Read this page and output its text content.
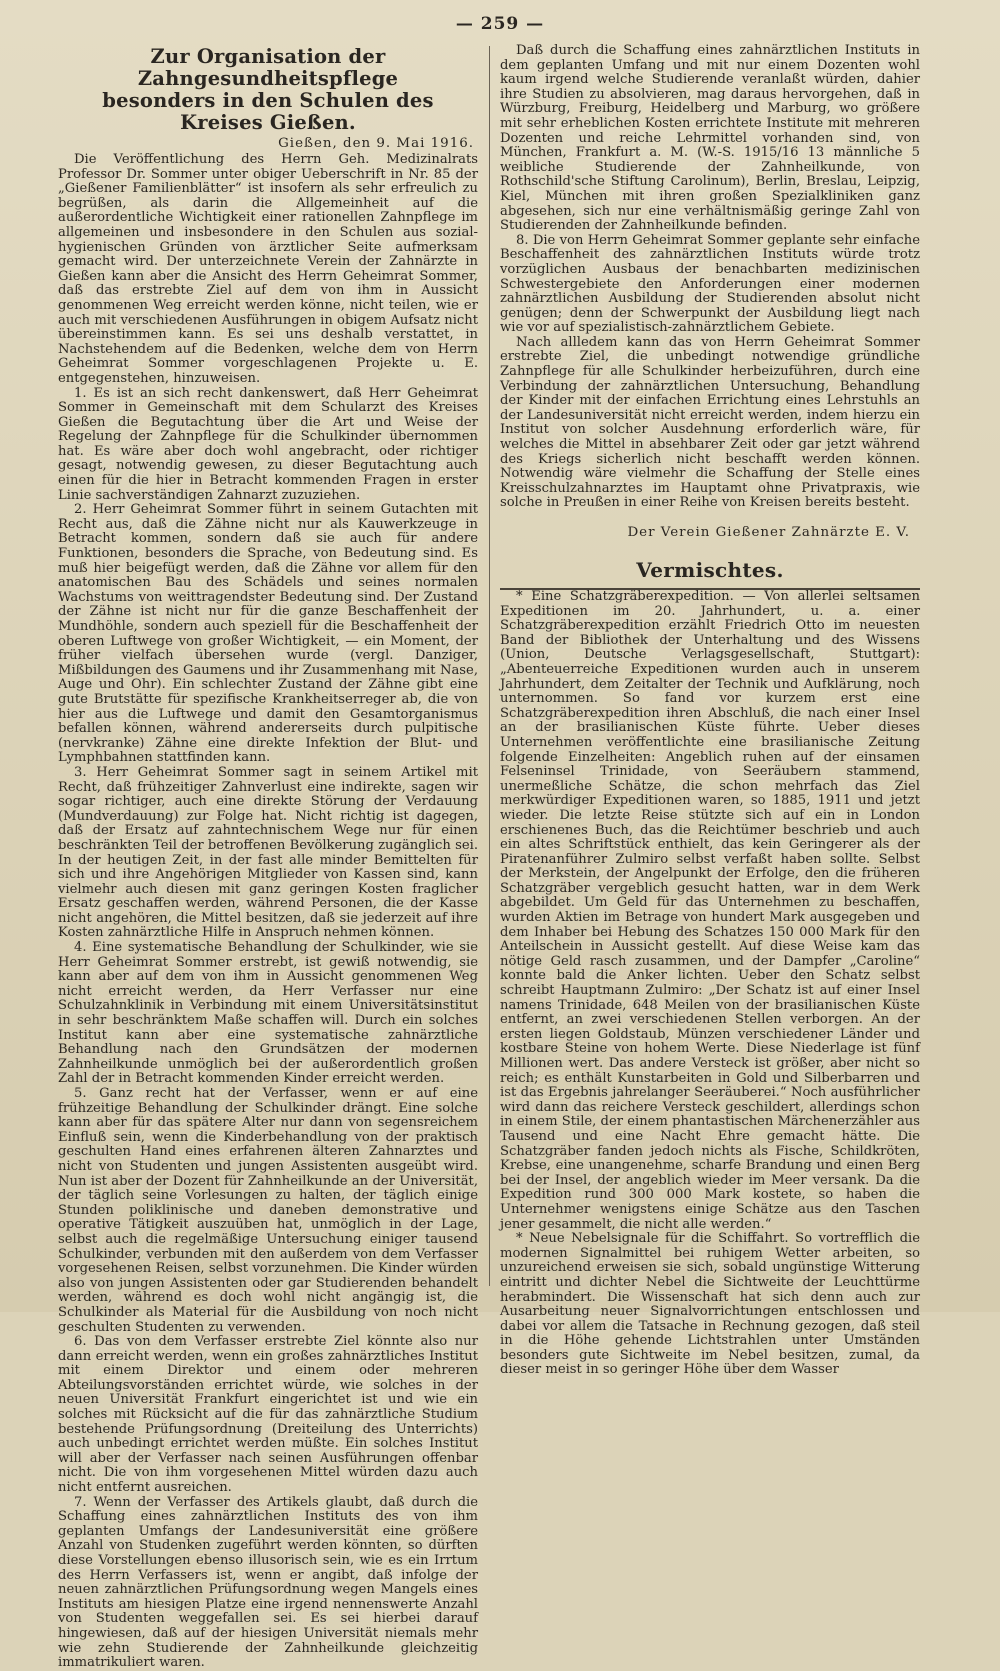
— 259 —
Zur Organisation der Zahngesundheitspflege
besonders in den Schulen des Kreises Gießen.
Gießen, den 9. Mai 1916.

Die Veröffentlichung des Herrn Geh. Medizinalrats Professor Dr. Sommer unter obiger Ueberschrift in Nr. 85 der „Gießener Familienblätter“ ist insofern als sehr erfreulich zu begrüßen, als darin die Allgemeinheit auf die außerordentliche Wichtigkeit einer rationellen Zahnpflege im allgemeinen und insbesondere in den Schulen aus sozial-hygienischen Gründen von ärztlicher Seite aufmerksam gemacht wird. Der unterzeichnete Verein der Zahnärzte in Gießen kann aber die Ansicht des Herrn Geheimrat Sommer, daß das erstrebte Ziel auf dem von ihm in Aussicht genommenen Weg erreicht werden könne, nicht teilen, wie er auch mit verschiedenen Ausführungen in obigem Aufsatz nicht übereinstimmen kann. Es sei uns deshalb verstattet, in Nachstehendem auf die Bedenken, welche dem von Herrn Geheimrat Sommer vorgeschlagenen Projekte u. E. entgegenstehen, hinzuweisen.

1. Es ist an sich recht dankenswert, daß Herr Geheimrat Sommer in Gemeinschaft mit dem Schularzt des Kreises Gießen die Begutachtung über die Art und Weise der Regelung der Zahnpflege für die Schulkinder übernommen hat. Es wäre aber doch wohl angebracht, oder richtiger gesagt, notwendig gewesen, zu dieser Begutachtung auch einen für die hier in Betracht kommenden Fragen in erster Linie sachverständigen Zahnarzt zuzuziehen.

2. Herr Geheimrat Sommer führt in seinem Gutachten mit Recht aus, daß die Zähne nicht nur als Kauwerkzeuge in Betracht kommen, sondern daß sie auch für andere Funktionen, besonders die Sprache, von Bedeutung sind. Es muß hier beigefügt werden, daß die Zähne vor allem für den anatomischen Bau des Schädels und seines normalen Wachstums von weittragendster Bedeutung sind. Der Zustand der Zähne ist nicht nur für die ganze Beschaffenheit der Mundhöhle, sondern auch speziell für die Beschaffenheit der oberen Luftwege von großer Wichtigkeit, — ein Moment, der früher vielfach übersehen wurde (vergl. Danziger, Mißbildungen des Gaumens und ihr Zusammenhang mit Nase, Auge und Ohr). Ein schlechter Zustand der Zähne gibt eine gute Brutstätte für spezifische Krankheitserreger ab, die von hier aus die Luftwege und damit den Gesamtorganismus befallen können, während andererseits durch pulpitische (nervkranke) Zähne eine direkte Infektion der Blut- und Lymphbahnen stattfinden kann.

3. Herr Geheimrat Sommer sagt in seinem Artikel mit Recht, daß frühzeitiger Zahnverlust eine indirekte, sagen wir sogar richtiger, auch eine direkte Störung der Verdauung (Mundverdauung) zur Folge hat. Nicht richtig ist dagegen, daß der Ersatz auf zahntechnischem Wege nur für einen beschränkten Teil der betroffenen Bevölkerung zugänglich sei. In der heutigen Zeit, in der fast alle minder Bemittelten für sich und ihre Angehörigen Mitglieder von Kassen sind, kann vielmehr auch diesen mit ganz geringen Kosten fraglicher Ersatz geschaffen werden, während Personen, die der Kasse nicht angehören, die Mittel besitzen, daß sie jederzeit auf ihre Kosten zahnärztliche Hilfe in Anspruch nehmen können.

4. Eine systematische Behandlung der Schulkinder, wie sie Herr Geheimrat Sommer erstrebt, ist gewiß notwendig, sie kann aber auf dem von ihm in Aussicht genommenen Weg nicht erreicht werden, da Herr Verfasser nur eine Schulzahnklinik in Verbindung mit einem Universitätsinstitut in sehr beschränktem Maße schaffen will. Durch ein solches Institut kann aber eine systematische zahnärztliche Behandlung nach den Grundsätzen der modernen Zahnheilkunde unmöglich bei der außerordentlich großen Zahl der in Betracht kommenden Kinder erreicht werden.

5. Ganz recht hat der Verfasser, wenn er auf eine frühzeitige Behandlung der Schulkinder drängt. Eine solche kann aber für das spätere Alter nur dann von segensreichem Einfluß sein, wenn die Kinderbehandlung von der praktisch geschulten Hand eines erfahrenen älteren Zahnarztes und nicht von Studenten und jungen Assistenten ausgeübt wird. Nun ist aber der Dozent für Zahnheilkunde an der Universität, der täglich seine Vorlesungen zu halten, der täglich einige Stunden poliklinische und daneben demonstrative und operative Tätigkeit auszuüben hat, unmöglich in der Lage, selbst auch die regelmäßige Untersuchung einiger tausend Schulkinder, verbunden mit den außerdem von dem Verfasser vorgesehenen Reisen, selbst vorzunehmen. Die Kinder würden also von jungen Assistenten oder gar Studierenden behandelt werden, während es doch wohl nicht angängig ist, die Schulkinder als Material für die Ausbildung von noch nicht geschulten Studenten zu verwenden.

6. Das von dem Verfasser erstrebte Ziel könnte also nur dann erreicht werden, wenn ein großes zahnärztliches Institut mit einem Direktor und einem oder mehreren Abteilungsvorständen errichtet würde, wie solches in der neuen Universität Frankfurt eingerichtet ist und wie ein solches mit Rücksicht auf die für das zahnärztliche Studium bestehende Prüfungsordnung (Dreiteilung des Unterrichts) auch unbedingt errichtet werden müßte. Ein solches Institut will aber der Verfasser nach seinen Ausführungen offenbar nicht. Die von ihm vorgesehenen Mittel würden dazu auch nicht entfernt ausreichen.

7. Wenn der Verfasser des Artikels glaubt, daß durch die Schaffung eines zahnärztlichen Instituts des von ihm geplanten Umfangs der Landesuniversität eine größere Anzahl von Studenken zugeführt werden könnten, so dürften diese Vorstellungen ebenso illusorisch sein, wie es ein Irrtum des Herrn Verfassers ist, wenn er angibt, daß infolge der neuen zahnärztlichen Prüfungsordnung wegen Mangels eines Instituts am hiesigen Platze eine irgend nennenswerte Anzahl von Studenten weggefallen sei. Es sei hierbei darauf hingewiesen, daß auf der hiesigen Universität niemals mehr wie zehn Studierende der Zahnheilkunde gleichzeitig immatrikuliert waren.

Daß durch die Schaffung eines zahnärztlichen Instituts in dem geplanten Umfang und mit nur einem Dozenten wohl kaum irgend welche Studierende veranlaßt würden, dahier ihre Studien zu absolvieren, mag daraus hervorgehen, daß in Würzburg, Freiburg, Heidelberg und Marburg, wo größere mit sehr erheblichen Kosten errichtete Institute mit mehreren Dozenten und reiche Lehrmittel vorhanden sind, von München, Frankfurt a. M. (W.-S. 1915/16 13 männliche 5 weibliche Studierende der Zahnheilkunde, von Rothschild'sche Stiftung Carolinum), Berlin, Breslau, Leipzig, Kiel, München mit ihren großen Spezialkliniken ganz abgesehen, sich nur eine verhältnismäßig geringe Zahl von Studierenden der Zahnheilkunde befinden.

8. Die von Herrn Geheimrat Sommer geplante sehr einfache Beschaffenheit des zahnärztlichen Instituts würde trotz vorzüglichen Ausbaus der benachbarten medizinischen Schwestergebiete den Anforderungen einer modernen zahnärztlichen Ausbildung der Studierenden absolut nicht genügen; denn der Schwerpunkt der Ausbildung liegt nach wie vor auf spezialistisch-zahnärztlichem Gebiete.

Nach allledem kann das von Herrn Geheimrat Sommer erstrebte Ziel, die unbedingt notwendige gründliche Zahnpflege für alle Schulkinder herbeizuführen, durch eine Verbindung der zahnärztlichen Untersuchung, Behandlung der Kinder mit der einfachen Errichtung eines Lehrstuhls an der Landesuniversität nicht erreicht werden, indem hierzu ein Institut von solcher Ausdehnung erforderlich wäre, für welches die Mittel in absehbarer Zeit oder gar jetzt während des Kriegs sicherlich nicht beschafft werden können. Notwendig wäre vielmehr die Schaffung der Stelle eines Kreisschulzahnarztes im Hauptamt ohne Privatpraxis, wie solche in Preußen in einer Reihe von Kreisen bereits besteht.

Der Verein Gießener Zahnärzte E. V.
Vermischtes.

* Eine Schatzgräberexpedition. — Von allerlei seltsamen Expeditionen im 20. Jahrhundert, u. a. einer Schatzgräberexpedition erzählt Friedrich Otto im neuesten Band der Bibliothek der Unterhaltung und des Wissens (Union, Deutsche Verlagsgesellschaft, Stuttgart): „Abenteuerreiche Expeditionen wurden auch in unserem Jahrhundert, dem Zeitalter der Technik und Aufklärung, noch unternommen. So fand vor kurzem erst eine Schatzgräberexpedition ihren Abschluß, die nach einer Insel an der brasilianischen Küste führte. Ueber dieses Unternehmen veröffentlichte eine brasilianische Zeitung folgende Einzelheiten: Angeblich ruhen auf der einsamen Felseninsel Trinidade, von Seeräubern stammend, unermeßliche Schätze, die schon mehrfach das Ziel merkwürdiger Expeditionen waren, so 1885, 1911 und jetzt wieder. Die letzte Reise stützte sich auf ein in London erschienenes Buch, das die Reichtümer beschrieb und auch ein altes Schriftstück enthielt, das kein Geringerer als der Piratenanführer Zulmiro selbst verfaßt haben sollte. Selbst der Merkstein, der Angelpunkt der Erfolge, den die früheren Schatzgräber vergeblich gesucht hatten, war in dem Werk abgebildet. Um Geld für das Unternehmen zu beschaffen, wurden Aktien im Betrage von hundert Mark ausgegeben und dem Inhaber bei Hebung des Schatzes 150 000 Mark für den Anteilschein in Aussicht gestellt. Auf diese Weise kam das nötige Geld rasch zusammen, und der Dampfer „Caroline“ konnte bald die Anker lichten. Ueber den Schatz selbst schreibt Hauptmann Zulmiro: „Der Schatz ist auf einer Insel namens Trinidade, 648 Meilen von der brasilianischen Küste entfernt, an zwei verschiedenen Stellen verborgen. An der ersten liegen Goldstaub, Münzen verschiedener Länder und kostbare Steine von hohem Werte. Diese Niederlage ist fünf Millionen wert. Das andere Versteck ist größer, aber nicht so reich; es enthält Kunstarbeiten in Gold und Silberbarren und ist das Ergebnis jahrelanger Seeräuberei.“ Noch ausführlicher wird dann das reichere Versteck geschildert, allerdings schon in einem Stile, der einem phantastischen Märchenerzähler aus Tausend und eine Nacht Ehre gemacht hätte. Die Schatzgräber fanden jedoch nichts als Fische, Schildkröten, Krebse, eine unangenehme, scharfe Brandung und einen Berg bei der Insel, der angeblich wieder im Meer versank. Da die Expedition rund 300 000 Mark kostete, so haben die Unternehmer wenigstens einige Schätze aus den Taschen jener gesammelt, die nicht alle werden.“

* Neue Nebelsignale für die Schiffahrt. So vortrefflich die modernen Signalmittel bei ruhigem Wetter arbeiten, so unzureichend erweisen sie sich, sobald ungünstige Witterung eintritt und dichter Nebel die Sichtweite der Leuchttürme herabmindert. Die Wissenschaft hat sich denn auch zur Ausarbeitung neuer Signalvorrichtungen entschlossen und dabei vor allem die Tatsache in Rechnung gezogen, daß steil in die Höhe gehende Lichtstrahlen unter Umständen besonders gute Sichtweite im Nebel besitzen, zumal, da dieser meist in so geringer Höhe über dem Wasser
